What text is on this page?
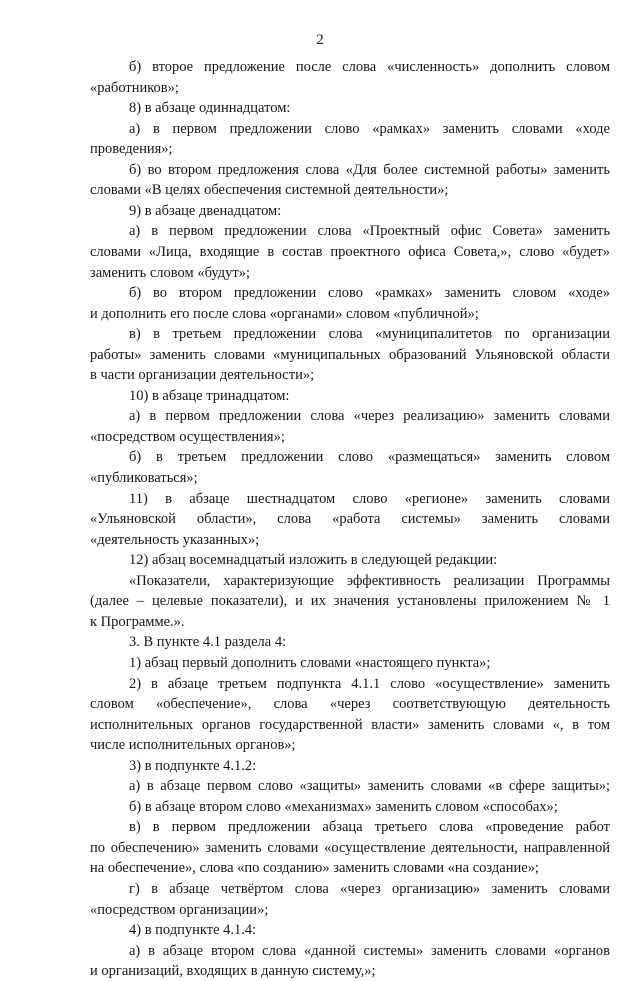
2
б) второе предложение после слова «численность» дополнить словом
«работников»;
8) в абзаце одиннадцатом:
а) в первом предложении слово «рамках» заменить словами «ходе
проведения»;
б) во втором предложения слова «Для более системной работы» заменить
словами «В целях обеспечения системной деятельности»;
9) в абзаце двенадцатом:
а) в первом предложении слова «Проектный офис Совета» заменить
словами «Лица, входящие в состав проектного офиса Совета,», слово «будет»
заменить словом «будут»;
б) во втором предложении слово «рамках» заменить словом «ходе»
и дополнить его после слова «органами» словом «публичной»;
в) в третьем предложении слова «муниципалитетов по организации
работы» заменить словами «муниципальных образований Ульяновской области
в части организации деятельности»;
10) в абзаце тринадцатом:
а) в первом предложении слова «через реализацию» заменить словами
«посредством осуществления»;
б) в третьем предложении слово «размещаться» заменить словом
«публиковаться»;
11) в абзаце шестнадцатом слово «регионе» заменить словами
«Ульяновской области», слова «работа системы» заменить словами
«деятельность указанных»;
12) абзац восемнадцатый изложить в следующей редакции:
«Показатели, характеризующие эффективность реализации Программы
(далее – целевые показатели), и их значения установлены приложением № 1
к Программе.».
3. В пункте 4.1 раздела 4:
1) абзац первый дополнить словами «настоящего пункта»;
2) в абзаце третьем подпункта 4.1.1 слово «осуществление» заменить
словом «обеспечение», слова «через соответствующую деятельность
исполнительных органов государственной власти» заменить словами «, в том
числе исполнительных органов»;
3) в подпункте 4.1.2:
а) в абзаце первом слово «защиты» заменить словами «в сфере защиты»;
б) в абзаце втором слово «механизмах» заменить словом «способах»;
в) в первом предложении абзаца третьего слова «проведение работ
по обеспечению» заменить словами «осуществление деятельности, направленной
на обеспечение», слова «по созданию» заменить словами «на создание»;
г) в абзаце четвёртом слова «через организацию» заменить словами
«посредством организации»;
4) в подпункте 4.1.4:
а) в абзаце втором слова «данной системы» заменить словами «органов
и организаций, входящих в данную систему,»;
